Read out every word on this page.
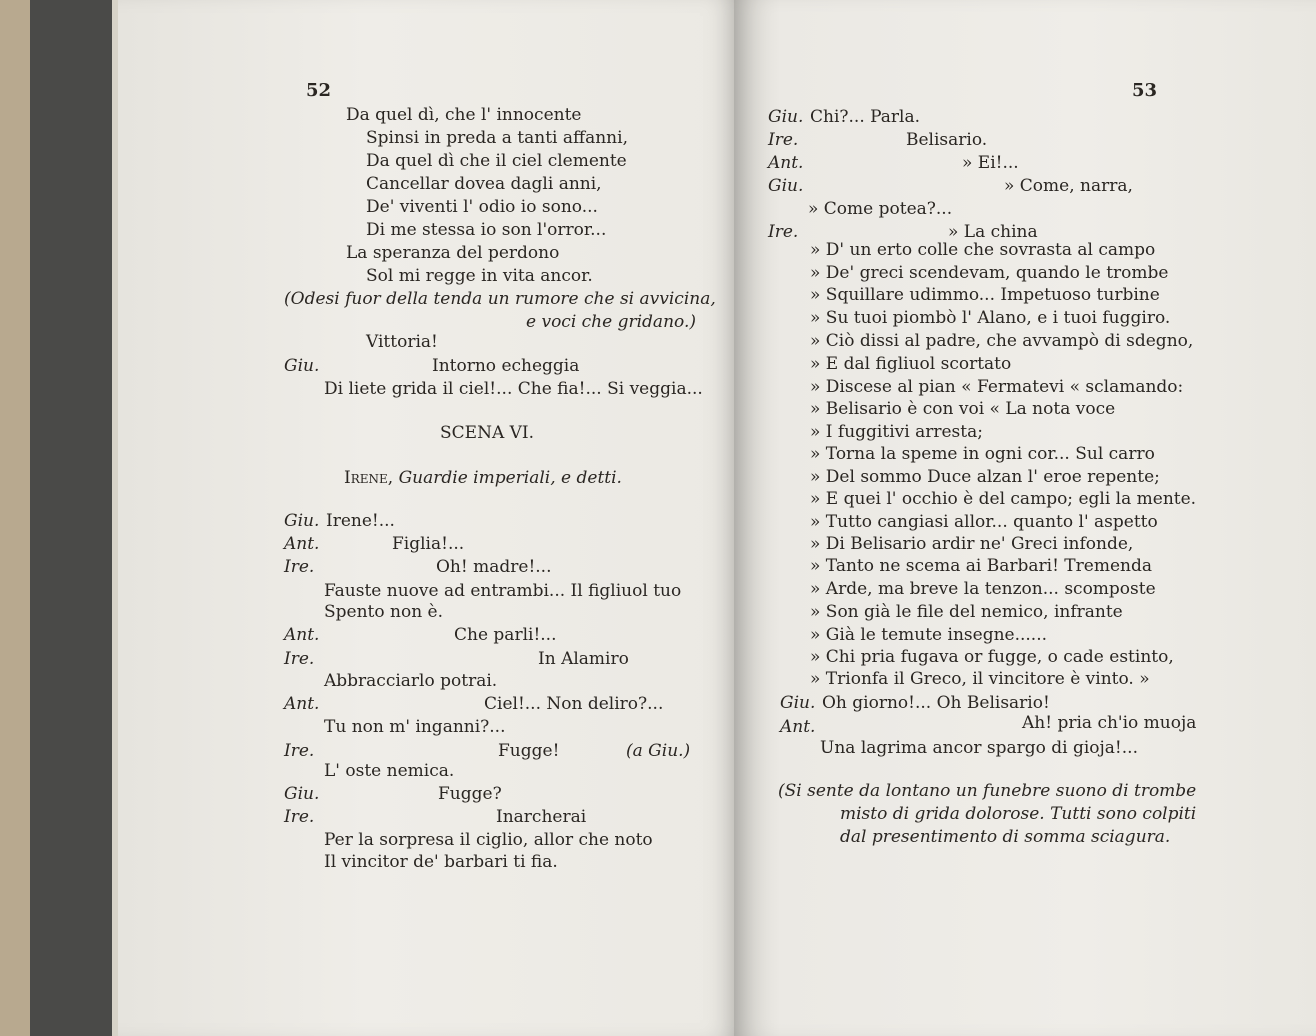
52
Da quel dì, che l' innocente
Spinsi in preda a tanti affanni,
Da quel dì che il ciel clemente
Cancellar dovea dagli anni,
De' viventi l' odio io sono...
Di me stessa io son l'orror...
La speranza del perdono
Sol mi regge in vita ancor.
(Odesi fuor della tenda un rumore che si avvicina,
e voci che gridano.)
Vittoria!
Giu.	Intorno echeggia
Di liete grida il ciel!... Che fia!... Si veggia...
SCENA VI.
Irene, Guardie imperiali, e detti.
Giu. Irene!...
Ant.	Figlia!...
Ire.	Oh! madre!...
Fauste nuove ad entrambi... Il figliuol tuo
Spento non è.
Ant.	Che parli!...
Ire.	In Alamiro
Abbracciarlo potrai.
Ant.	Ciel!... Non deliro?...
Tu non m' inganni?...
Ire.	Fugge!	(a Giu.)
L' oste nemica.
Giu.	Fugge?
Ire.	Inarcherai
Per la sorpresa il ciglio, allor che noto
Il vincitor de' barbari ti fia.
53
Giu. Chi?... Parla.
Ire.	Belisario.
Ant.	» Ei!...
Giu.	» Come, narra,
» Come potea?...
Ire.	» La china
» D' un erto colle che sovrasta al campo
» De' greci scendevam, quando le trombe
» Squillare udimmo... Impetuoso turbine
» Su tuoi piombò l' Alano, e i tuoi fuggiro.
» Ciò dissi al padre, che avvampò di sdegno,
» E dal figliuol scortato
» Discese al pian « Fermatevi « sclamando:
» Belisario è con voi « La nota voce
» I fuggitivi arresta;
» Torna la speme in ogni cor... Sul carro
» Del sommo Duce alzan l' eroe repente;
» E quei l' occhio è del campo; egli la mente.
» Tutto cangiasi allor... quanto l' aspetto
» Di Belisario ardir ne' Greci infonde,
» Tanto ne scema ai Barbari! Tremenda
» Arde, ma breve la tenzon... scomposte
» Son già le file del nemico, infrante
» Già le temute insegne......
» Chi pria fugava or fugge, o cade estinto,
» Trionfa il Greco, il vincitore è vinto. »
Giu. Oh giorno!... Oh Belisario!
Ant.	Ah! pria ch'io muoja
Una lagrima ancor spargo di gioja!...
(Si sente da lontano un funebre suono di trombe
misto di grida dolorose. Tutti sono colpiti
dal presentimento di somma sciagura.
